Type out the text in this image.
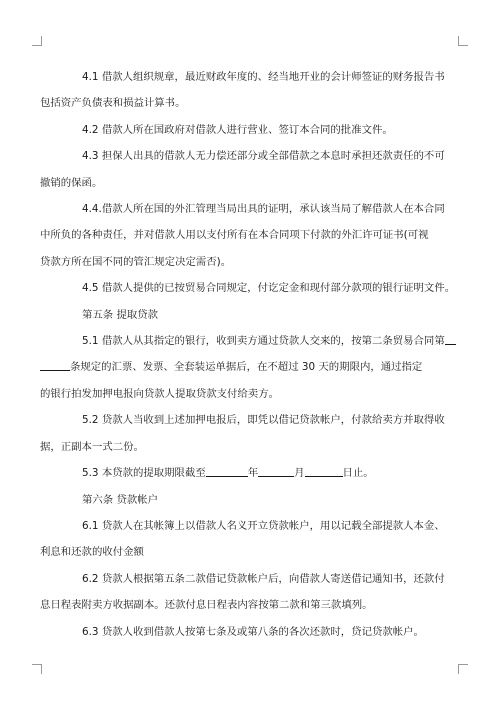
4.1 借款人组织规章，最近财政年度的、经当地开业的会计师签证的财务报告书
包括资产负债表和损益计算书。

4.2 借款人所在国政府对借款人进行营业、签订本合同的批准文件。

4.3 担保人出具的借款人无力偿还部分或全部借款之本息时承担还款责任的不可
撤销的保函。

4.4.借款人所在国的外汇管理当局出具的证明，承认该当局了解借款人在本合同
中所负的各种责任，并对借款人用以支付所有在本合同项下付款的外汇许可证书(可视
贷款方所在国不同的管汇规定决定需否)。

4.5 借款人提供的已按贸易合同规定，付讫定金和现付部分款项的银行证明文件。

第五条 提取贷款

5.1 借款人从其指定的银行，收到卖方通过贷款人交来的，按第二条贸易合同第
条规定的汇票、发票、全套装运单据后，在不超过 30 天的期限内，通过指定
的银行拍发加押电报向贷款人提取贷款支付给卖方。

5.2 贷款人当收到上述加押电报后，即凭以借记贷款帐户，付款给卖方并取得收
据，正副本一式二份。

5.3 本贷款的提取期限截至	年	月	日止。

第六条 贷款帐户

6.1 贷款人在其帐簿上以借款人名义开立贷款帐户，用以记载全部提款人本金、
利息和还款的收付金额

6.2 贷款人根据第五条二款借记贷款帐户后，向借款人寄送借记通知书，还款付
息日程表附卖方收据副本。还款付息日程表内容按第二款和第三款填列。

6.3 贷款人收到借款人按第七条及或第八条的各次还款时，贷记贷款帐户。
